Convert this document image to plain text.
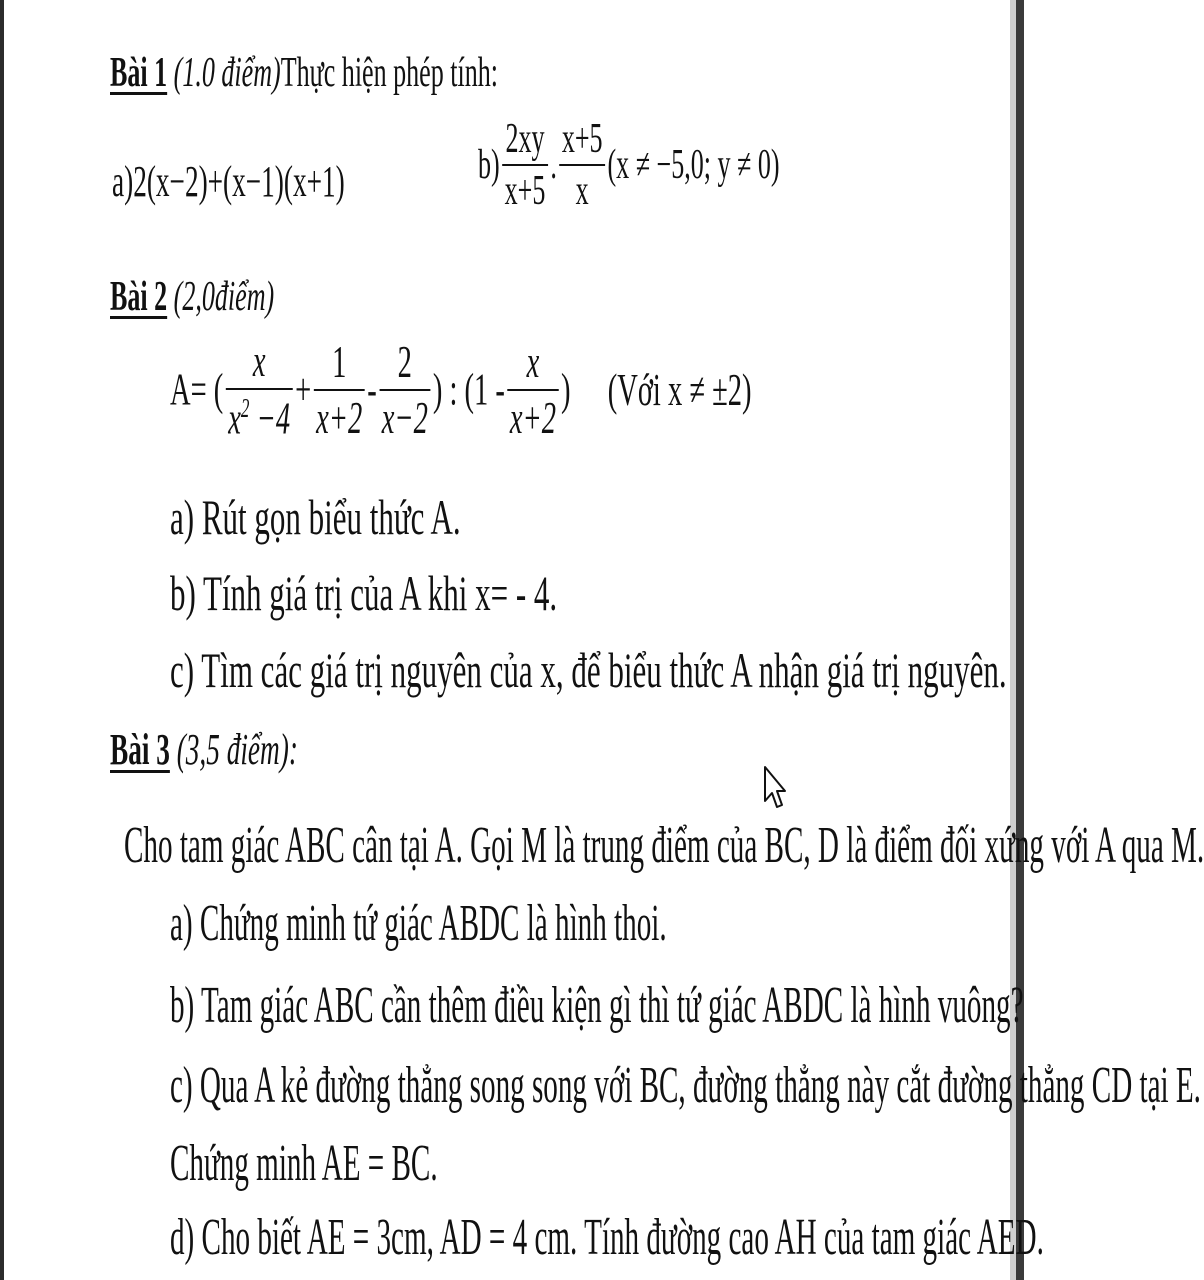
Bài 1 (1.0 điểm)Thực hiện phép tính:
a)2(x−2)+(x−1)(x+1)	$b) \frac{2xy}{x+5}$ . $\frac{x+5}{x} (x \ne -5,0$; y ≠ 0)
Bài 2 (2,0điểm)
A= ( $\frac{x}{x^2 -4} + \frac{1}{x+2} - \frac{2}{x-2}$ ) : ($1 - \frac{x}{x+2}$ ) (Với x ≠ ±2)
a) Rút gọn biểu thức A.
b) Tính giá trị của A khi x= - 4.
c) Tìm các giá trị nguyên của x, để biểu thức A nhận giá trị nguyên.
Bài 3 (3,5 điểm):
Cho tam giác ABC cân tại A. Gọi M là trung điểm của BC, D là điểm đối xứng với A qua M.
a) Chứng minh tứ giác ABDC là hình thoi.
b) Tam giác ABC cần thêm điều kiện gì thì tứ giác ABDC là hình vuông?
c) Qua A kẻ đường thẳng song song với BC, đường thẳng này cắt đường thẳng CD tại E.
Chứng minh AE = BC.
d) Cho biết AE = 3cm, AD = 4 cm. Tính đường cao AH của tam giác AED.
